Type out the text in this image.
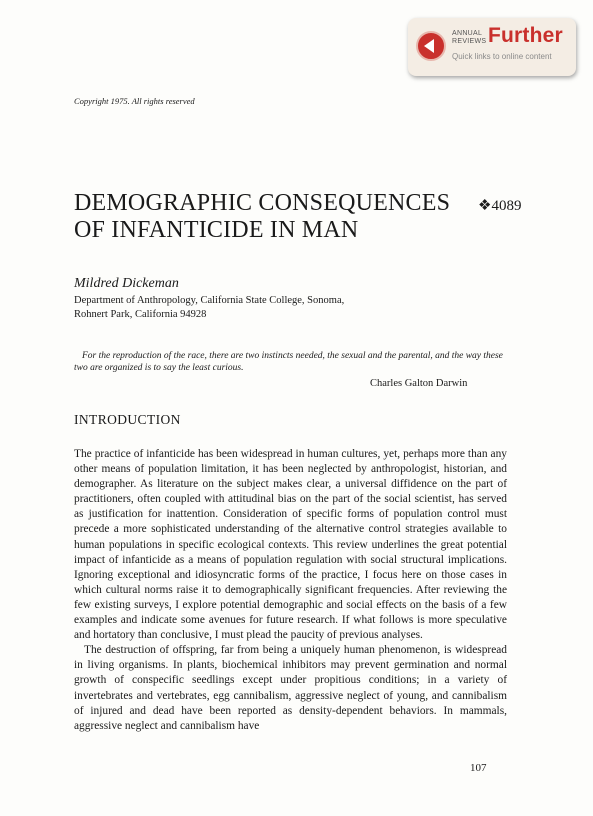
ANNUAL
REVIEWS Further
Quick links to online content
Copyright 1975. All rights reserved
DEMOGRAPHIC CONSEQUENCES OF INFANTICIDE IN MAN
❖4089
Mildred Dickeman
Department of Anthropology, California State College, Sonoma,
Rohnert Park, California 94928
For the reproduction of the race, there are two instincts needed, the sexual and the parental, and the way these two are organized is to say the least curious.
Charles Galton Darwin
INTRODUCTION

The practice of infanticide has been widespread in human cultures, yet, perhaps more than any other means of population limitation, it has been neglected by anthropologist, historian, and demographer. As literature on the subject makes clear, a universal diffidence on the part of practitioners, often coupled with attitudinal bias on the part of the social scientist, has served as justification for inattention. Consideration of specific forms of population control must precede a more sophisticated understanding of the alternative control strategies available to human populations in specific ecological contexts. This review underlines the great potential impact of infanticide as a means of population regulation with social structural implications. Ignoring exceptional and idiosyncratic forms of the practice, I focus here on those cases in which cultural norms raise it to demographically significant frequencies. After reviewing the few existing surveys, I explore potential demographic and social effects on the basis of a few examples and indicate some avenues for future research. If what follows is more speculative and hortatory than conclusive, I must plead the paucity of previous analyses.

The destruction of offspring, far from being a uniquely human phenomenon, is widespread in living organisms. In plants, biochemical inhibitors may prevent germination and normal growth of conspecific seedlings except under propitious conditions; in a variety of invertebrates and vertebrates, egg cannibalism, aggressive neglect of young, and cannibalism of injured and dead have been reported as density-dependent behaviors. In mammals, aggressive neglect and cannibalism have

107
